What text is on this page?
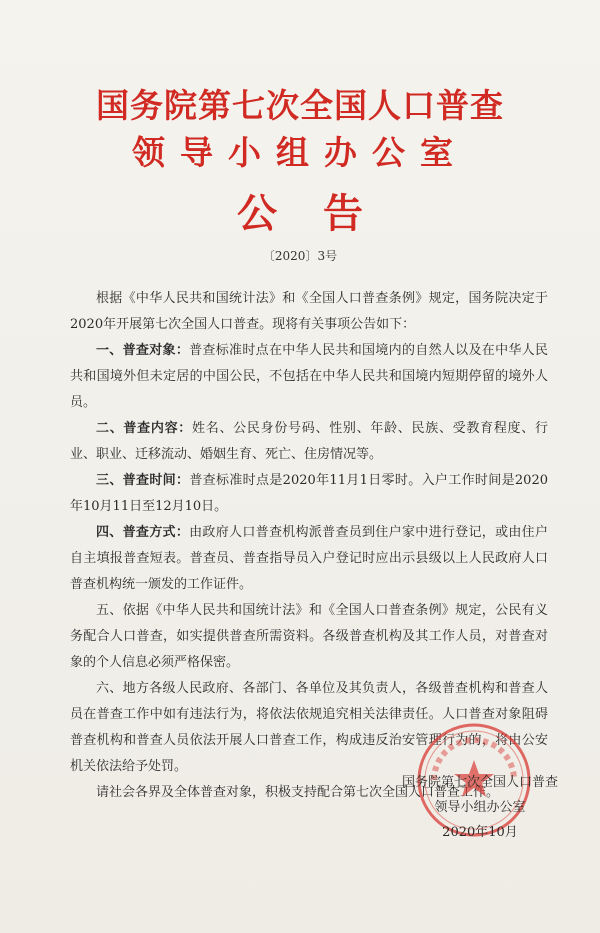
国务院第七次全国人口普查
领导小组办公室
公告
〔2020〕3号

根据《中华人民共和国统计法》和《全国人口普查条例》规定，国务院决定于2020年开展第七次全国人口普查。现将有关事项公告如下：

一、普查对象：普查标准时点在中华人民共和国境内的自然人以及在中华人民共和国境外但未定居的中国公民，不包括在中华人民共和国境内短期停留的境外人员。

二、普查内容：姓名、公民身份号码、性别、年龄、民族、受教育程度、行业、职业、迁移流动、婚姻生育、死亡、住房情况等。

三、普查时间：普查标准时点是2020年11月1日零时。入户工作时间是2020年10月11日至12月10日。

四、普查方式：由政府人口普查机构派普查员到住户家中进行登记，或由住户自主填报普查短表。普查员、普查指导员入户登记时应出示县级以上人民政府人口普查机构统一颁发的工作证件。

五、依据《中华人民共和国统计法》和《全国人口普查条例》规定，公民有义务配合人口普查，如实提供普查所需资料。各级普查机构及其工作人员，对普查对象的个人信息必须严格保密。

六、地方各级人民政府、各部门、各单位及其负责人，各级普查机构和普查人员在普查工作中如有违法行为，将依法依规追究相关法律责任。人口普查对象阻碍普查机构和普查人员依法开展人口普查工作，构成违反治安管理行为的，将由公安机关依法给予处罚。

请社会各界及全体普查对象，积极支持配合第七次全国人口普查工作。

国务院第七次全国人口普查
领导小组办公室
2020年10月
